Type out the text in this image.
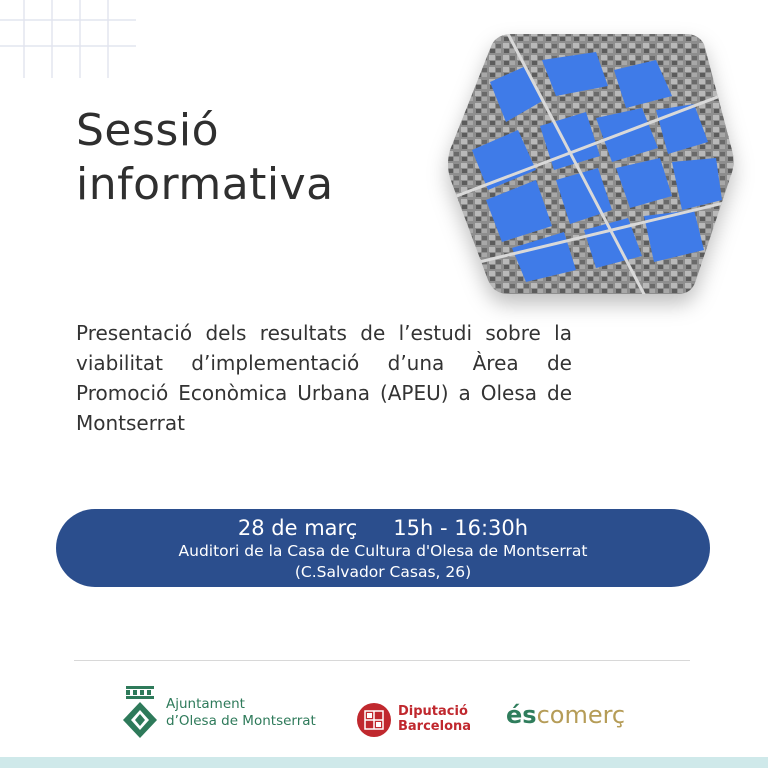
Sessió
informativa
Presentació dels resultats de l’estudi sobre la viabilitat d’implementació d’una Àrea de Promoció Econòmica Urbana (APEU) a Olesa de Montserrat
28 de març 15h - 16:30h
Auditori de la Casa de Cultura d'Olesa de Montserrat
(C.Salvador Casas, 26)
Ajuntament
d’Olesa de Montserrat
Diputació
Barcelona éscomerç
